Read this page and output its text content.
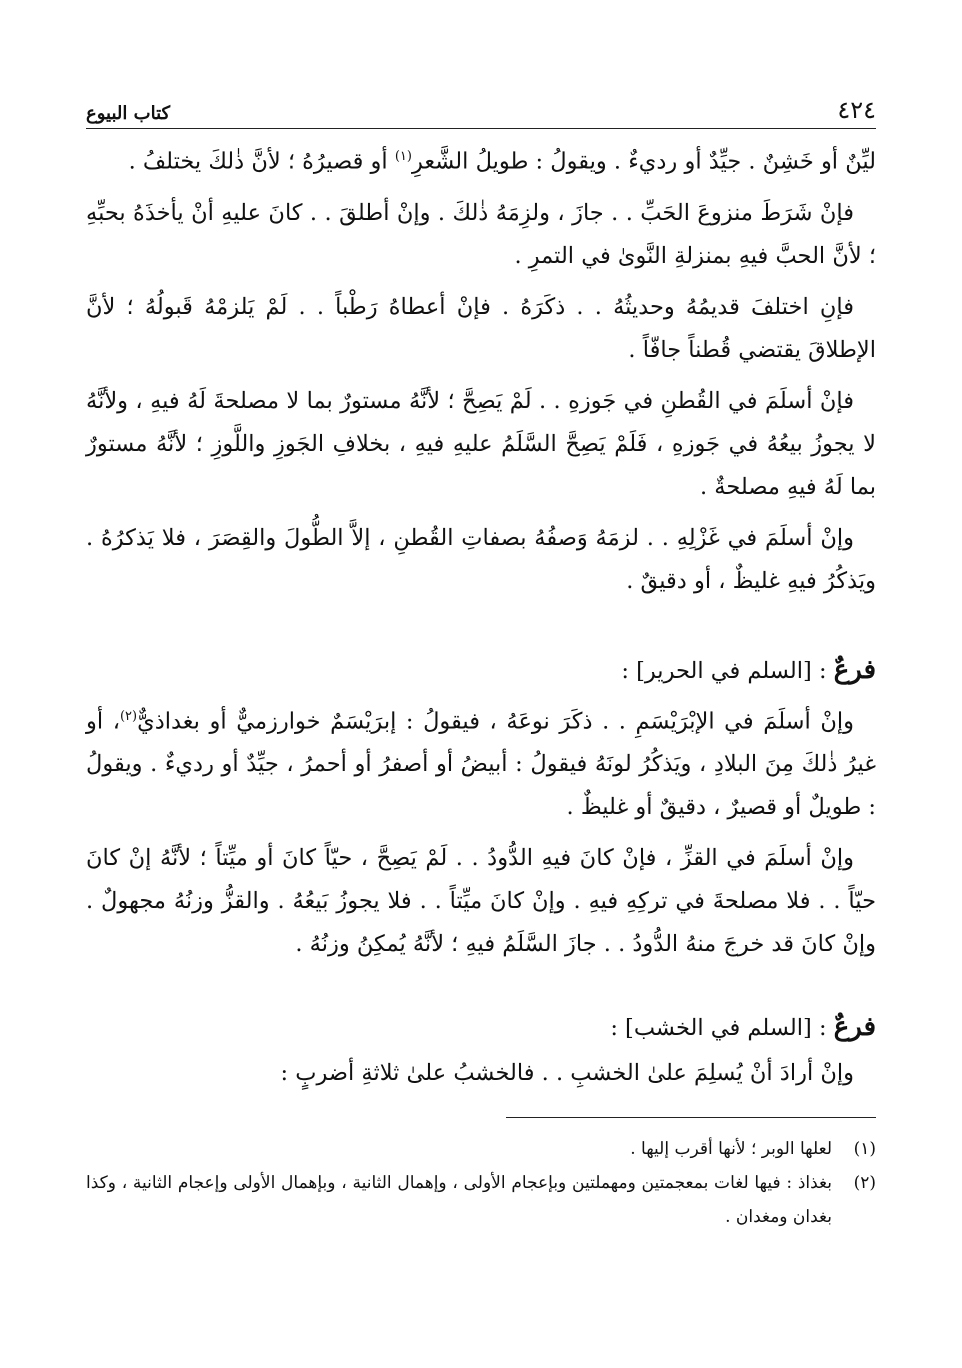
٤٢٤
كتاب البيوع

ليِّنٌ أو خَشِنٌ . جيِّدٌ أو رديءٌ . ويقولُ : طويلُ الشَّعرِ$^{(١)}$ أو قصيرُهُ ؛ لأنَّ ذٰلكَ يختلفُ .

فإنْ شَرَطَ منزوعَ الحَبِّ . . جازَ ، ولزِمَهُ ذٰلكَ . وإنْ أطلقَ . . كانَ عليهِ أنْ يأخذَهُ بحبِّهِ ؛ لأنَّ الحبَّ فيهِ بمنزلةِ النَّوىٰ في التمرِ .

فإنِ اختلفَ قديمُهُ وحديثُهُ . . ذكَرَهُ . فإنْ أعطاهُ رَطْباً . . لَمْ يَلزمْهُ قَبولُهُ ؛ لأنَّ الإطلاقَ يقتضي قُطناً جافّاً .

فإنْ أسلَمَ في القُطنِ في جَوزهِ . . لَمْ يَصِحَّ ؛ لأنَّهُ مستورٌ بما لا مصلحةَ لَهُ فيهِ ، ولأنَّهُ لا يجوزُ بيعُهُ في جَوزهِ ، فَلَمْ يَصِحَّ السَّلَمُ عليهِ فيهِ ، بخلافِ الجَوزِ واللَّوزِ ؛ لأنَّهُ مستورٌ بما لَهُ فيهِ مصلحةٌ .

وإنْ أسلَمَ في غَزْلِهِ . . لزمَهُ وَصفُهُ بصفاتِ القُطنِ ، إلاَّ الطُّولَ والقِصَرَ ، فلا يَذكرُهُ . ويَذكُرُ فيهِ غليظٌ ، أو دقيقٌ .

فرعٌ : [السلم في الحرير] :

وإنْ أسلَمَ في الإبْرَيْسَمِ . . ذكَرَ نوعَهُ ، فيقولُ : إبرَيْسَمٌ خوارزميٌّ أو بغداذيٌّ$^{(٢)}$، أو غيرُ ذٰلكَ مِنَ البلادِ ، ويَذكُرُ لونَهُ فيقولُ : أبيضُ أو أصفرُ أو أحمرُ ، جيِّدٌ أو رديءٌ . ويقولُ : طويلٌ أو قصيرٌ ، دقيقٌ أو غليظٌ .

وإنْ أسلَمَ في القزِّ ، فإنْ كانَ فيهِ الدُّودُ . . لَمْ يَصِحَّ ، حيّاً كانَ أو ميِّتاً ؛ لأنَّهُ إنْ كانَ حيّاً . . فلا مصلحةَ في تركِهِ فيهِ . وإنْ كانَ ميِّتاً . . فلا يجوزُ بَيعُهُ . والقزُّ وزنُهُ مجهولٌ . وإنْ كانَ قد خرجَ منهُ الدُّودُ . . جازَ السَّلَمُ فيهِ ؛ لأنَّهُ يُمكِنُ وزنُهُ .

فرعٌ : [السلم في الخشب] :

وإنْ أرادَ أنْ يُسلِمَ علىٰ الخشبِ . . فالخشبُ علىٰ ثلاثةِ أضربٍ :

(١)
لعلها الوبر ؛ لأنها أقرب إليها .
(٢)
بغذاذ : فيها لغات بمعجمتين ومهملتين وبإعجام الأولى ، وإهمال الثانية ، وبإهمال الأولى وإعجام الثانية ، وكذا بغدان ومغدان .
